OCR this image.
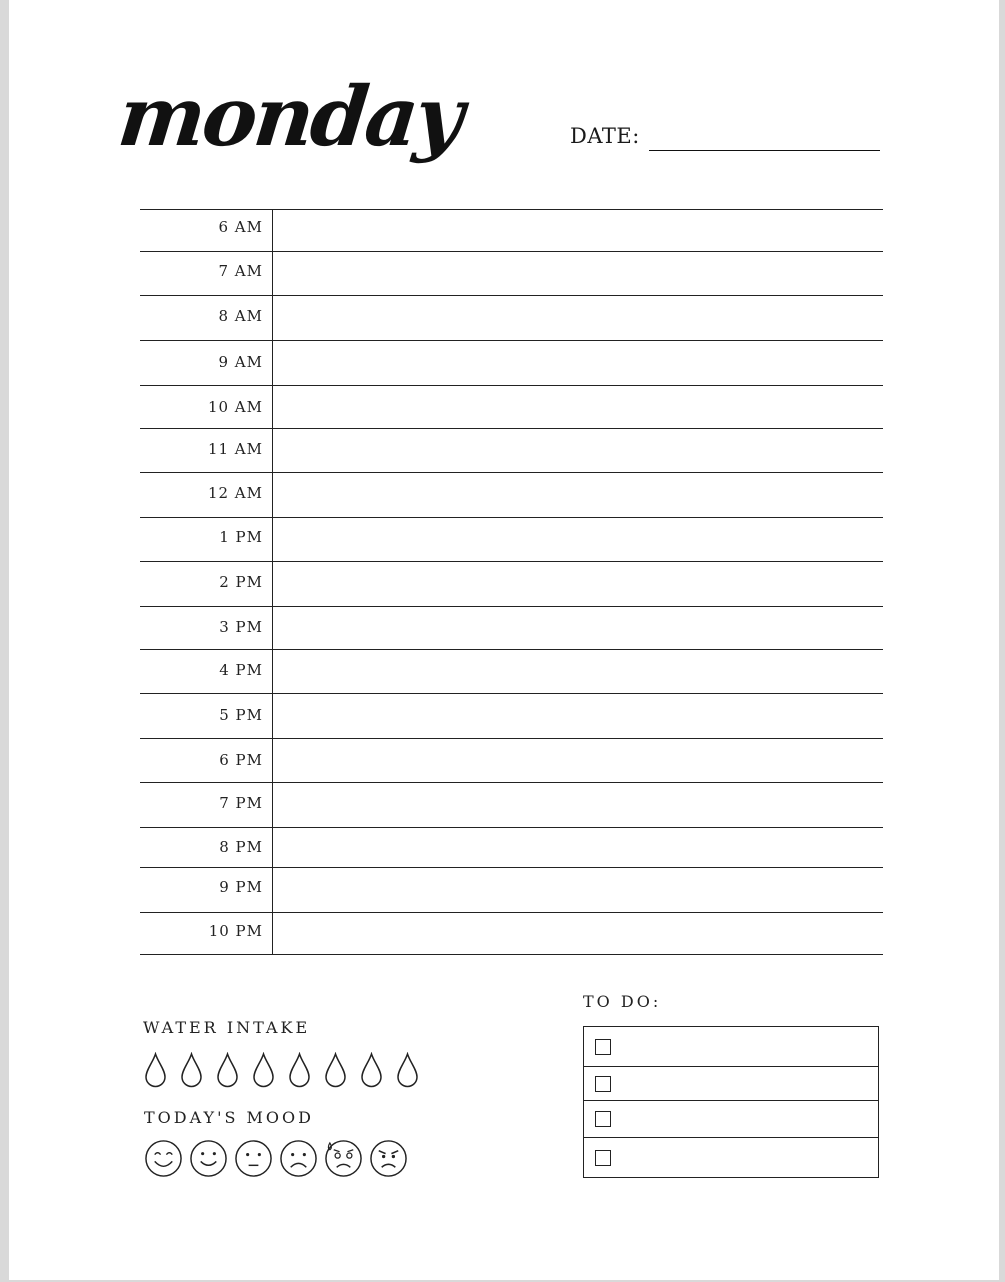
monday	DATE:
6 AM
7 AM
8 AM
9 AM
10 AM
11 AM
12 AM
1 PM
2 PM
3 PM
4 PM
5 PM
6 PM
7 PM
8 PM
9 PM
10 PM
WATER INTAKE
TODAY'S MOOD
TO DO:
